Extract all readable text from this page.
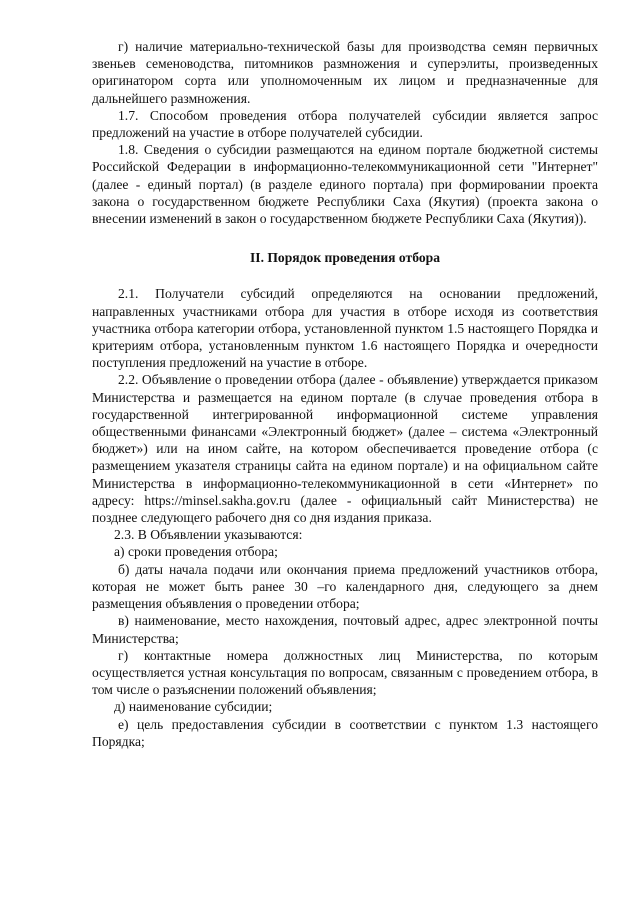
г) наличие материально-технической базы для производства семян первичных звеньев семеноводства, питомников размножения и суперэлиты, произведенных оригинатором сорта или уполномоченным их лицом и предназначенные для дальнейшего размножения.

1.7. Способом проведения отбора получателей субсидии является запрос предложений на участие в отборе получателей субсидии.

1.8. Сведения о субсидии размещаются на едином портале бюджетной системы Российской Федерации в информационно-телекоммуникационной сети "Интернет" (далее - единый портал) (в разделе единого портала) при формировании проекта закона о государственном бюджете Республики Саха (Якутия) (проекта закона о внесении изменений в закон о государственном бюджете Республики Саха (Якутия)).

II. Порядок проведения отбора

2.1. Получатели субсидий определяются на основании предложений, направленных участниками отбора для участия в отборе исходя из соответствия участника отбора категории отбора, установленной пунктом 1.5 настоящего Порядка и критериям отбора, установленным пунктом 1.6 настоящего Порядка и очередности поступления предложений на участие в отборе.

2.2. Объявление о проведении отбора (далее - объявление) утверждается приказом Министерства и размещается на едином портале (в случае проведения отбора в государственной интегрированной информационной системе управления общественными финансами «Электронный бюджет» (далее – система «Электронный бюджет») или на ином сайте, на котором обеспечивается проведение отбора (с размещением указателя страницы сайта на едином портале) и на официальном сайте Министерства в информационно-телекоммуникационной в сети «Интернет» по адресу: https://minsel.sakha.gov.ru (далее - официальный сайт Министерства) не позднее следующего рабочего дня со дня издания приказа.

2.3. В Объявлении указываются:

а) сроки проведения отбора;

б) даты начала подачи или окончания приема предложений участников отбора, которая не может быть ранее 30 –го календарного дня, следующего за днем размещения объявления о проведении отбора;

в) наименование, место нахождения, почтовый адрес, адрес электронной почты Министерства;

г) контактные номера должностных лиц Министерства, по которым осуществляется устная консультация по вопросам, связанным с проведением отбора, в том числе о разъяснении положений объявления;

д) наименование субсидии;

е) цель предоставления субсидии в соответствии с пунктом 1.3 настоящего Порядка;
